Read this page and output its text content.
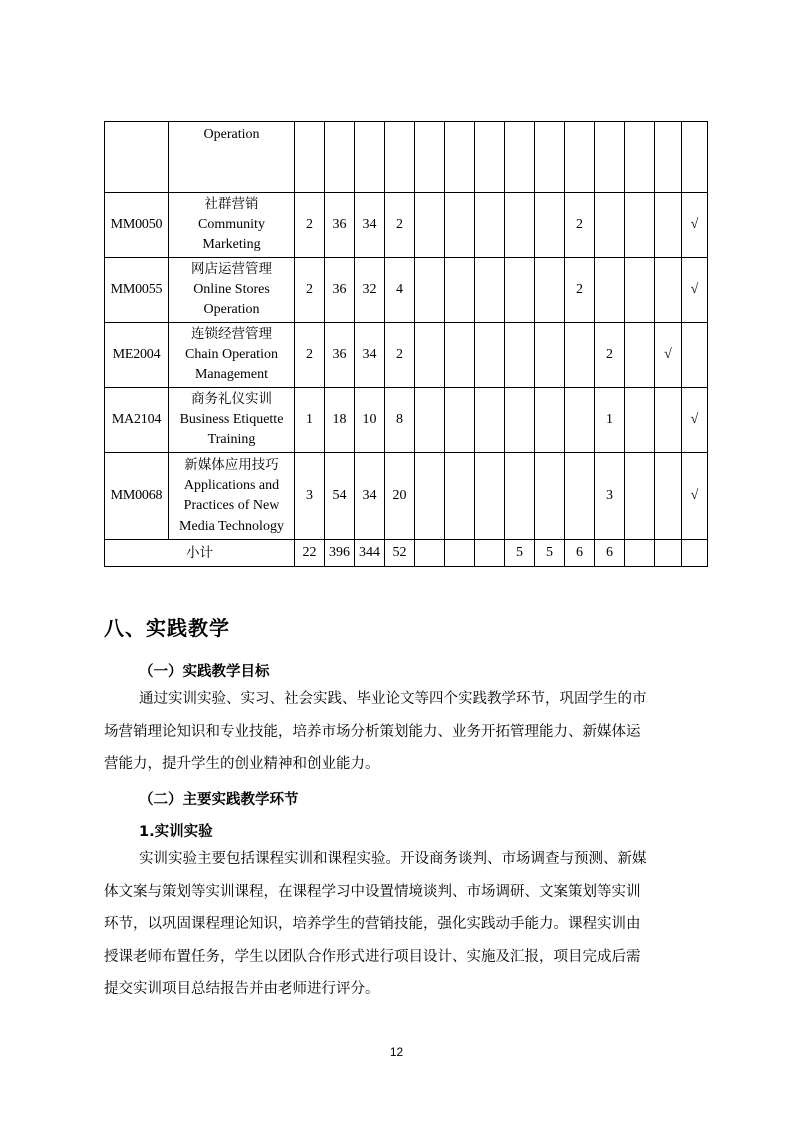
	Operation														

MM0050	社群营销
Community
Marketing	2	36	34	2						2				√
MM0055	网店运营管理
Online Stores
Operation	2	36	32	4						2				√
ME2004	连锁经营管理
Chain Operation
Management	2	36	34	2							2		√	
MA2104	商务礼仪实训
Business Etiquette
Training	1	18	10	8							1			√
MM0068	新媒体应用技巧
Applications and
Practices of New
Media Technology	3	54	34	20							3			√
小计		22	396	344	52				5	5	6	6			
八、实践教学

（一）实践教学目标

通过实训实验、实习、社会实践、毕业论文等四个实践教学环节，巩固学生的市
场营销理论知识和专业技能，培养市场分析策划能力、业务开拓管理能力、新媒体运
营能力，提升学生的创业精神和创业能力。

（二）主要实践教学环节

1.实训实验

实训实验主要包括课程实训和课程实验。开设商务谈判、市场调查与预测、新媒
体文案与策划等实训课程，在课程学习中设置情境谈判、市场调研、文案策划等实训
环节，以巩固课程理论知识，培养学生的营销技能，强化实践动手能力。课程实训由
授课老师布置任务，学生以团队合作形式进行项目设计、实施及汇报，项目完成后需
提交实训项目总结报告并由老师进行评分。
12
